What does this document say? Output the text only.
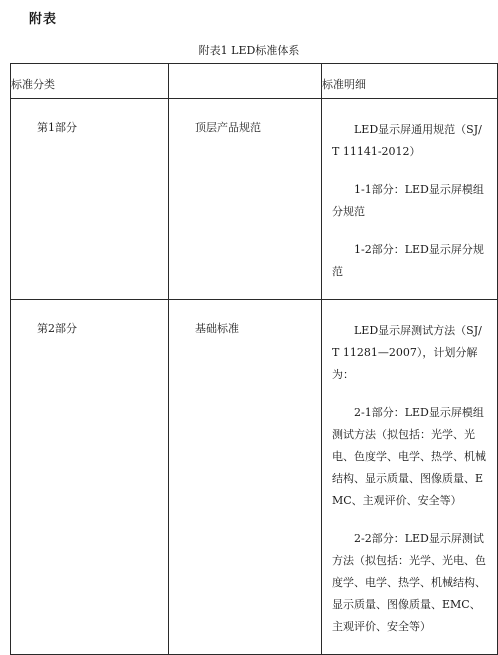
附表
附表1 LED标准体系
标准分类		标准明细
第1部分	顶层产品规范	LED显示屏通用规范（SJ/T 11141-2012）

1-1部分：LED显示屏模组分规范

1-2部分：LED显示屏分规范

第2部分	基础标准	LED显示屏测试方法（SJ/T 11281—2007），计划分解为：

2-1部分：LED显示屏模组测试方法（拟包括：光学、光电、色度学、电学、热学、机械结构、显示质量、图像质量、EMC、主观评价、安全等）

2-2部分：LED显示屏测试方法（拟包括：光学、光电、色度学、电学、热学、机械结构、显示质量、图像质量、EMC、主观评价、安全等）
